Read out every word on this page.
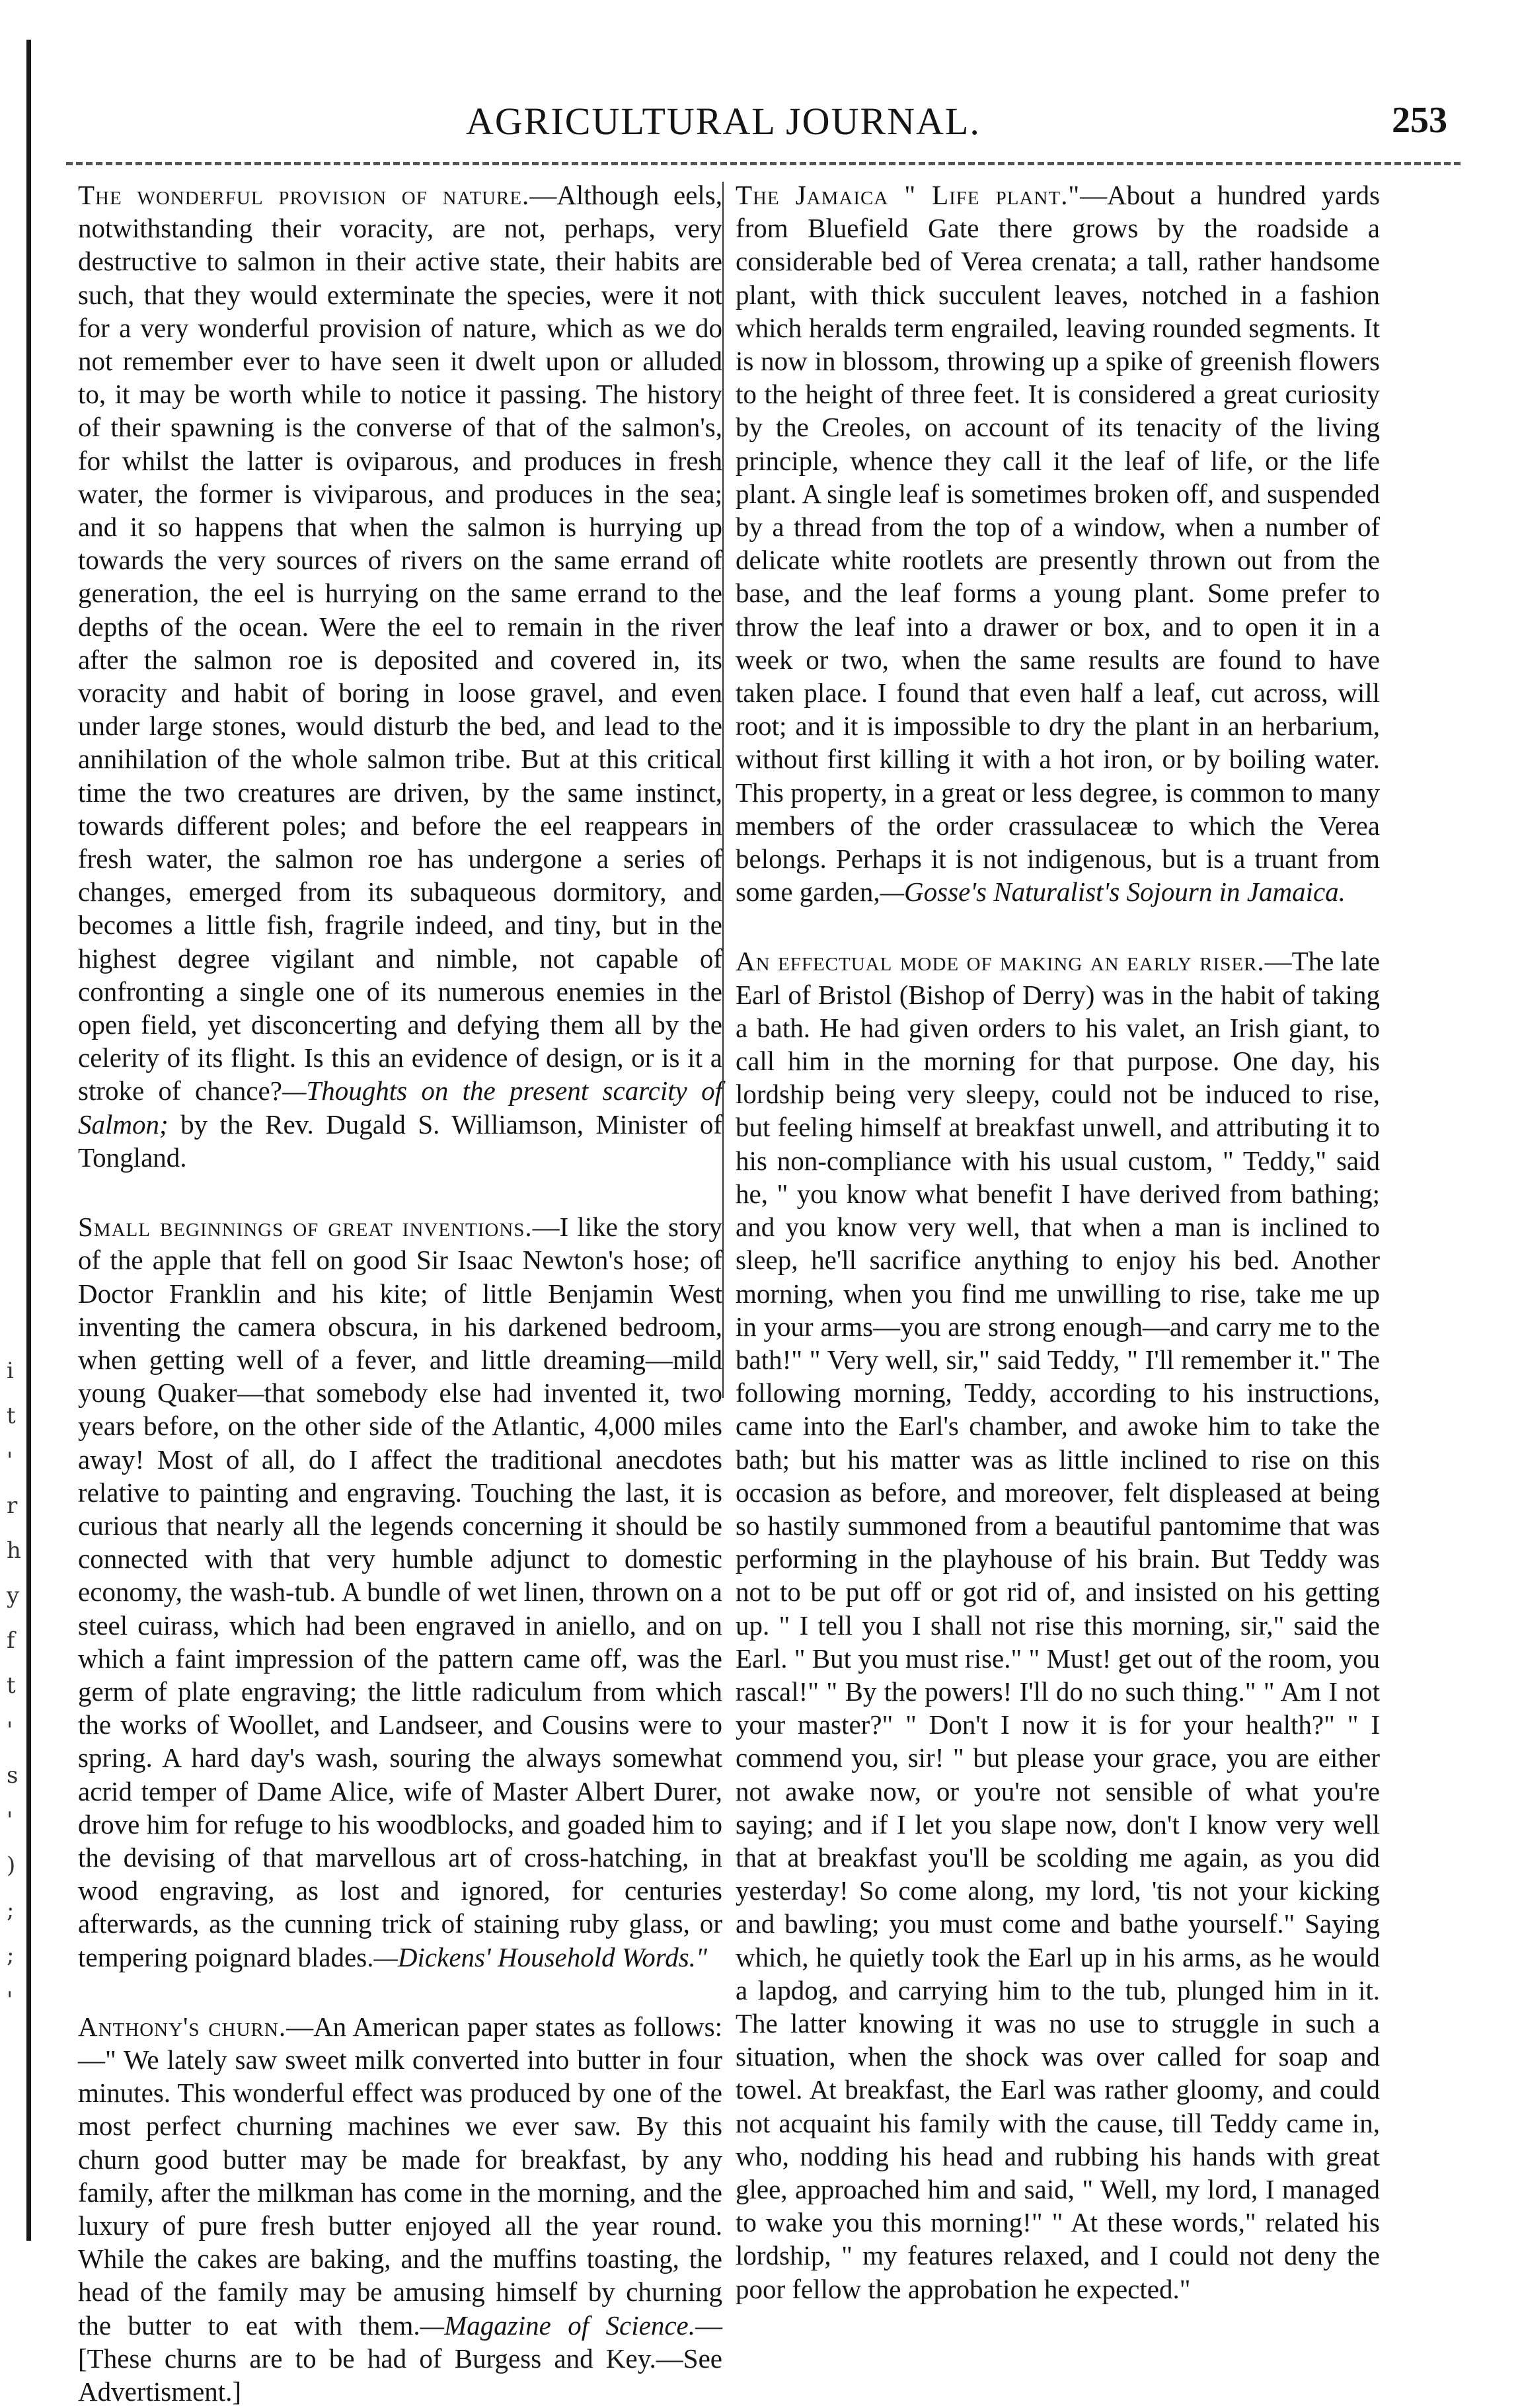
i t ' r h y f t ' s ' ) ; ; '
AGRICULTURAL JOURNAL.	253

The wonderful provision of nature.—Although eels, notwithstanding their voracity, are not, perhaps, very destructive to salmon in their active state, their habits are such, that they would exterminate the species, were it not for a very wonderful provision of nature, which as we do not remember ever to have seen it dwelt upon or alluded to, it may be worth while to notice it passing. The history of their spawning is the converse of that of the salmon's, for whilst the latter is oviparous, and produces in fresh water, the former is viviparous, and produces in the sea; and it so happens that when the salmon is hurrying up towards the very sources of rivers on the same errand of generation, the eel is hurrying on the same errand to the depths of the ocean. Were the eel to remain in the river after the salmon roe is deposited and covered in, its voracity and habit of boring in loose gravel, and even under large stones, would disturb the bed, and lead to the annihilation of the whole salmon tribe. But at this critical time the two creatures are driven, by the same instinct, towards different poles; and before the eel reappears in fresh water, the salmon roe has undergone a series of changes, emerged from its subaqueous dormitory, and becomes a little fish, fragrile indeed, and tiny, but in the highest degree vigilant and nimble, not capable of confronting a single one of its numerous enemies in the open field, yet disconcerting and defying them all by the celerity of its flight. Is this an evidence of design, or is it a stroke of chance?—Thoughts on the present scarcity of Salmon; by the Rev. Dugald S. Williamson, Minister of Tongland.

Small beginnings of great inventions.—I like the story of the apple that fell on good Sir Isaac Newton's hose; of Doctor Franklin and his kite; of little Benjamin West inventing the camera obscura, in his darkened bedroom, when getting well of a fever, and little dreaming—mild young Quaker—that somebody else had invented it, two years before, on the other side of the Atlantic, 4,000 miles away! Most of all, do I affect the traditional anecdotes relative to painting and engraving. Touching the last, it is curious that nearly all the legends concerning it should be connected with that very humble adjunct to domestic economy, the wash-tub. A bundle of wet linen, thrown on a steel cuirass, which had been engraved in aniello, and on which a faint impression of the pattern came off, was the germ of plate engraving; the little radiculum from which the works of Woollet, and Landseer, and Cousins were to spring. A hard day's wash, souring the always somewhat acrid temper of Dame Alice, wife of Master Albert Durer, drove him for refuge to his woodblocks, and goaded him to the devising of that marvellous art of cross-hatching, in wood engraving, as lost and ignored, for centuries afterwards, as the cunning trick of staining ruby glass, or tempering poignard blades.—Dickens' Household Words."

Anthony's churn.—An American paper states as follows:—" We lately saw sweet milk converted into butter in four minutes. This wonderful effect was produced by one of the most perfect churning machines we ever saw. By this churn good butter may be made for breakfast, by any family, after the milkman has come in the morning, and the luxury of pure fresh butter enjoyed all the year round. While the cakes are baking, and the muffins toasting, the head of the family may be amusing himself by churning the butter to eat with them.—Magazine of Science.—[These churns are to be had of Burgess and Key.—See Advertisment.]

The Jamaica " Life plant."—About a hundred yards from Bluefield Gate there grows by the roadside a considerable bed of Verea crenata; a tall, rather handsome plant, with thick succulent leaves, notched in a fashion which heralds term engrailed, leaving rounded segments. It is now in blossom, throwing up a spike of greenish flowers to the height of three feet. It is considered a great curiosity by the Creoles, on account of its tenacity of the living principle, whence they call it the leaf of life, or the life plant. A single leaf is sometimes broken off, and suspended by a thread from the top of a window, when a number of delicate white rootlets are presently thrown out from the base, and the leaf forms a young plant. Some prefer to throw the leaf into a drawer or box, and to open it in a week or two, when the same results are found to have taken place. I found that even half a leaf, cut across, will root; and it is impossible to dry the plant in an herbarium, without first killing it with a hot iron, or by boiling water. This property, in a great or less degree, is common to many members of the order crassulaceæ to which the Verea belongs. Perhaps it is not indigenous, but is a truant from some garden,—Gosse's Naturalist's Sojourn in Jamaica.

An effectual mode of making an early riser.—The late Earl of Bristol (Bishop of Derry) was in the habit of taking a bath. He had given orders to his valet, an Irish giant, to call him in the morning for that purpose. One day, his lordship being very sleepy, could not be induced to rise, but feeling himself at breakfast unwell, and attributing it to his non-compliance with his usual custom, " Teddy," said he, " you know what benefit I have derived from bathing; and you know very well, that when a man is inclined to sleep, he'll sacrifice anything to enjoy his bed. Another morning, when you find me unwilling to rise, take me up in your arms—you are strong enough—and carry me to the bath!" " Very well, sir," said Teddy, " I'll remember it." The following morning, Teddy, according to his instructions, came into the Earl's chamber, and awoke him to take the bath; but his matter was as little inclined to rise on this occasion as before, and moreover, felt displeased at being so hastily summoned from a beautiful pantomime that was performing in the playhouse of his brain. But Teddy was not to be put off or got rid of, and insisted on his getting up. " I tell you I shall not rise this morning, sir," said the Earl. " But you must rise." " Must! get out of the room, you rascal!" " By the powers! I'll do no such thing." " Am I not your master?" " Don't I now it is for your health?" " I commend you, sir! " but please your grace, you are either not awake now, or you're not sensible of what you're saying; and if I let you slape now, don't I know very well that at breakfast you'll be scolding me again, as you did yesterday! So come along, my lord, 'tis not your kicking and bawling; you must come and bathe yourself." Saying which, he quietly took the Earl up in his arms, as he would a lapdog, and carrying him to the tub, plunged him in it. The latter knowing it was no use to struggle in such a situation, when the shock was over called for soap and towel. At breakfast, the Earl was rather gloomy, and could not acquaint his family with the cause, till Teddy came in, who, nodding his head and rubbing his hands with great glee, approached him and said, " Well, my lord, I managed to wake you this morning!" " At these words," related his lordship, " my features relaxed, and I could not deny the poor fellow the approbation he expected."
